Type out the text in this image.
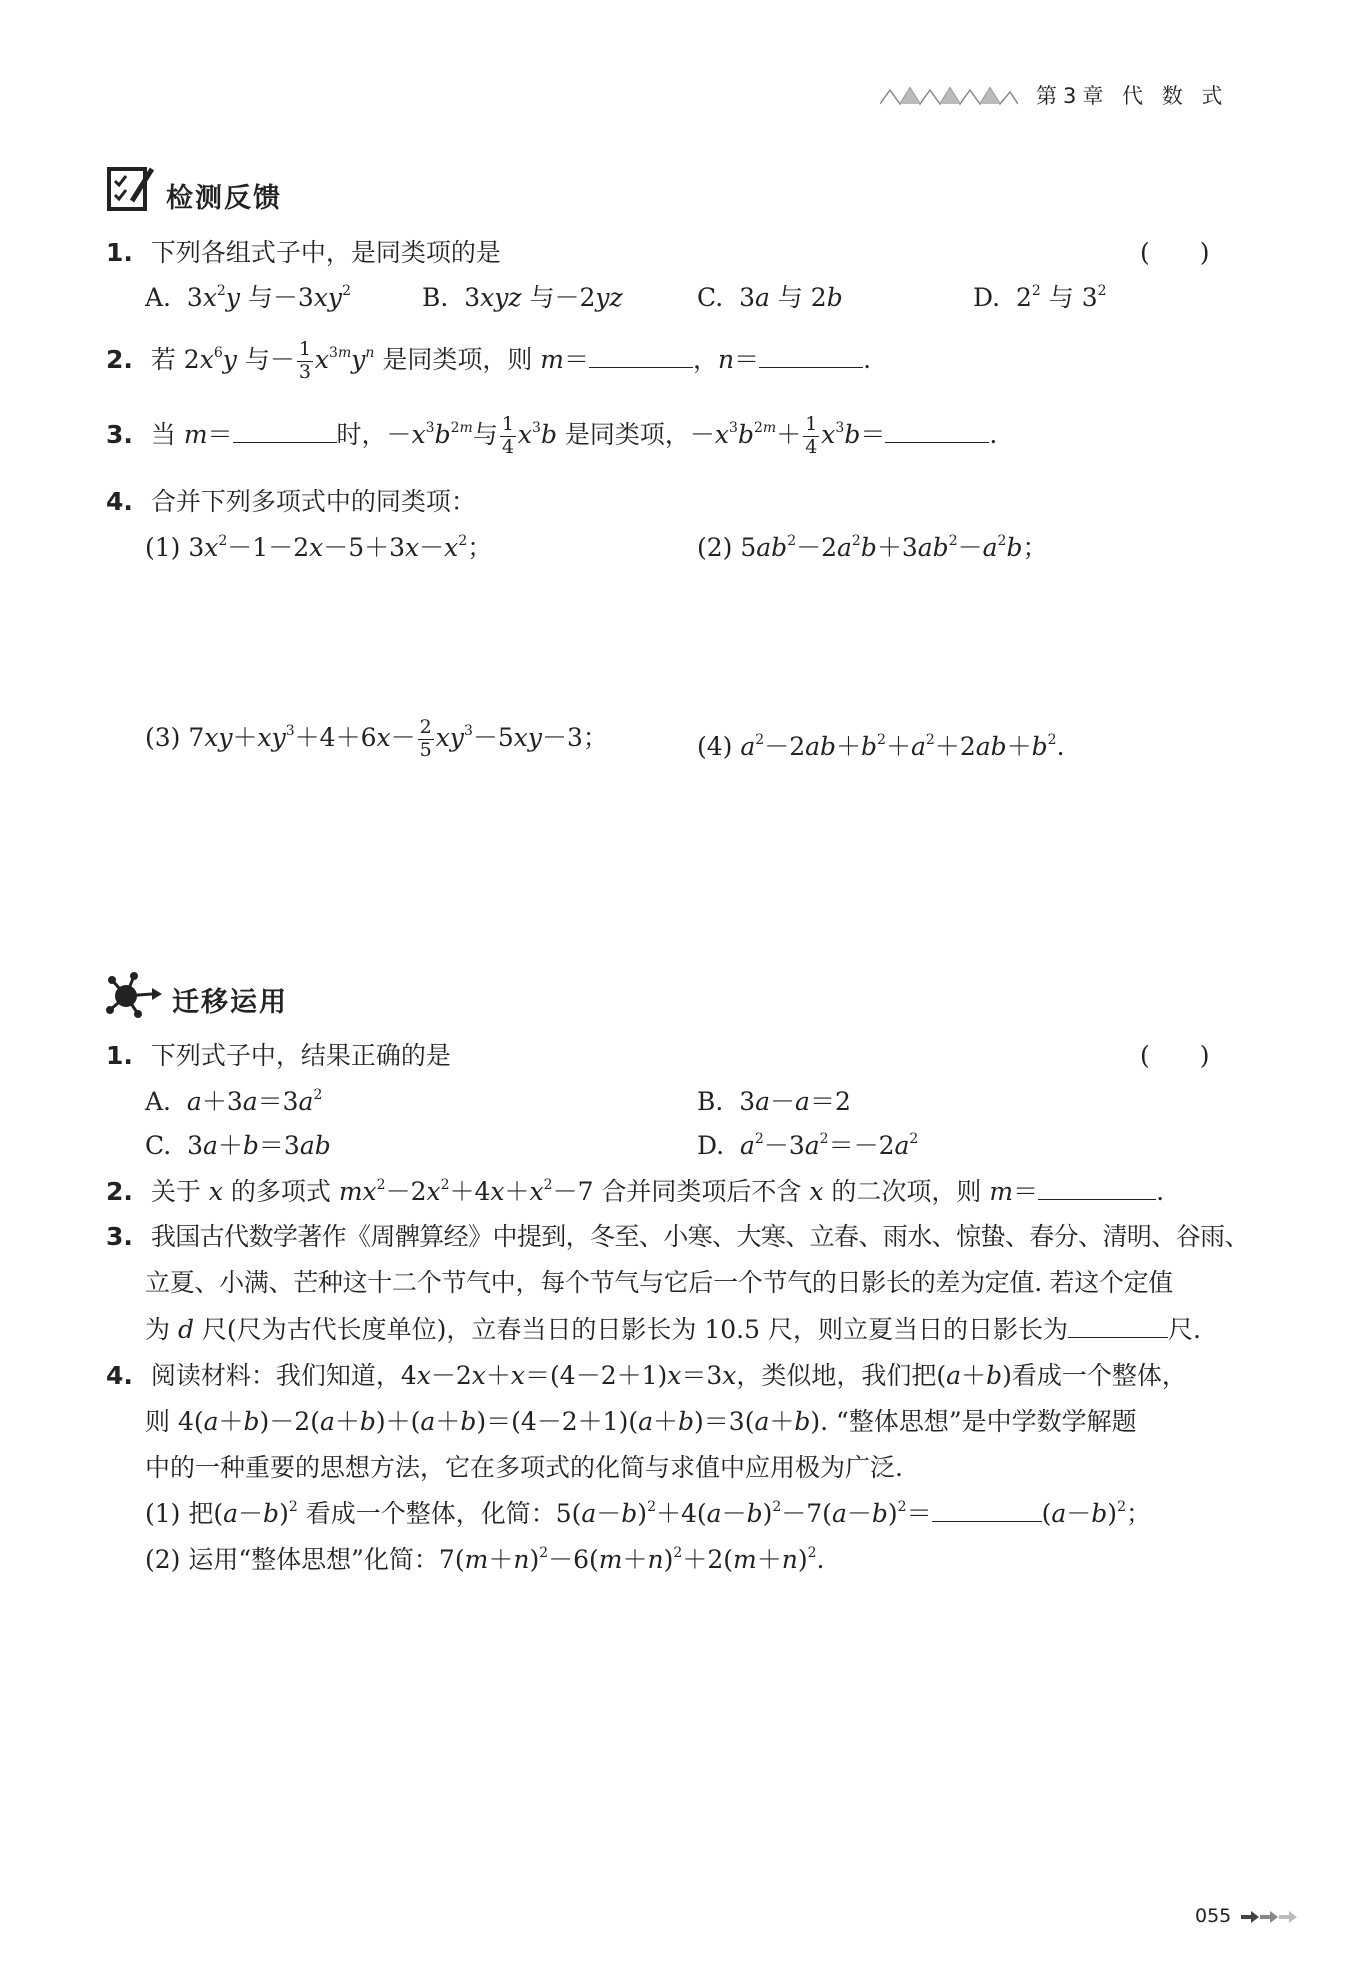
第3章 代 数 式
检测反馈
1. 下列各组式子中，是同类项的是	(　　)
A.  $3x^2y$ 与$-3xy^2$	B.  3xyz 与－2yz	C.  3a 与 2b	D.  $2^2$ 与 $3^2$
2. 若 $2x^6y$ 与－ $\frac{1}{3} x^{3m}y^n$ 是同类项，则 m＝	，n＝	.
3. 当 m＝	时，$-x^3b^{2m}$与 $\frac{1}{4} x^3b$ 是同类项，$-x^3b^{2m}+ \frac{1}{4} x^3b=$	.
4. 合并下列多项式中的同类项：
(1) $3x^2-1-2x-5+3x-x^2$；	(2) $5ab^2-2a^2b+3ab^2-a^2b$；
(3) $7xy+xy^3+4+6x- \frac{2}{5} xy^3-5xy-3$；	(4) $a^2-2ab+b^2+a^2+2ab+b^2$.
迁移运用
1. 下列式子中，结果正确的是	(　　)
A.  $a+3a=3a^2$	B.  3a－a＝2
C.  3a＋b＝3ab	D.  $a^2-3a^2=-2a^2$
2. 关于 x 的多项式 $mx^2-2x^2+4x+x^2-7$ 合并同类项后不含 x 的二次项，则 m＝	.
3. 我国古代数学著作《周髀算经》中提到，冬至、小寒、大寒、立春、雨水、惊蛰、春分、清明、谷雨、
立夏、小满、芒种这十二个节气中，每个节气与它后一个节气的日影长的差为定值. 若这个定值
为 d 尺(尺为古代长度单位)，立春当日的日影长为 10.5 尺，则立夏当日的日影长为	尺.
4. 阅读材料：我们知道，4x－2x＋x＝(4－2＋1)x＝3x，类似地，我们把(a＋b)看成一个整体，
则 4(a＋b)－2(a＋b)＋(a＋b)＝(4－2＋1)(a＋b)＝3(a＋b). “整体思想”是中学数学解题
中的一种重要的思想方法，它在多项式的化简与求值中应用极为广泛.
(1) 把$(a-b)^2$ 看成一个整体，化简：$5(a-b)^2+4(a-b)^2-7(a-b)^2=$	$(a-b)^2$；
(2) 运用“整体思想”化简：$7(m+n)^2-6(m+n)^2+2(m+n)^2$.
055
